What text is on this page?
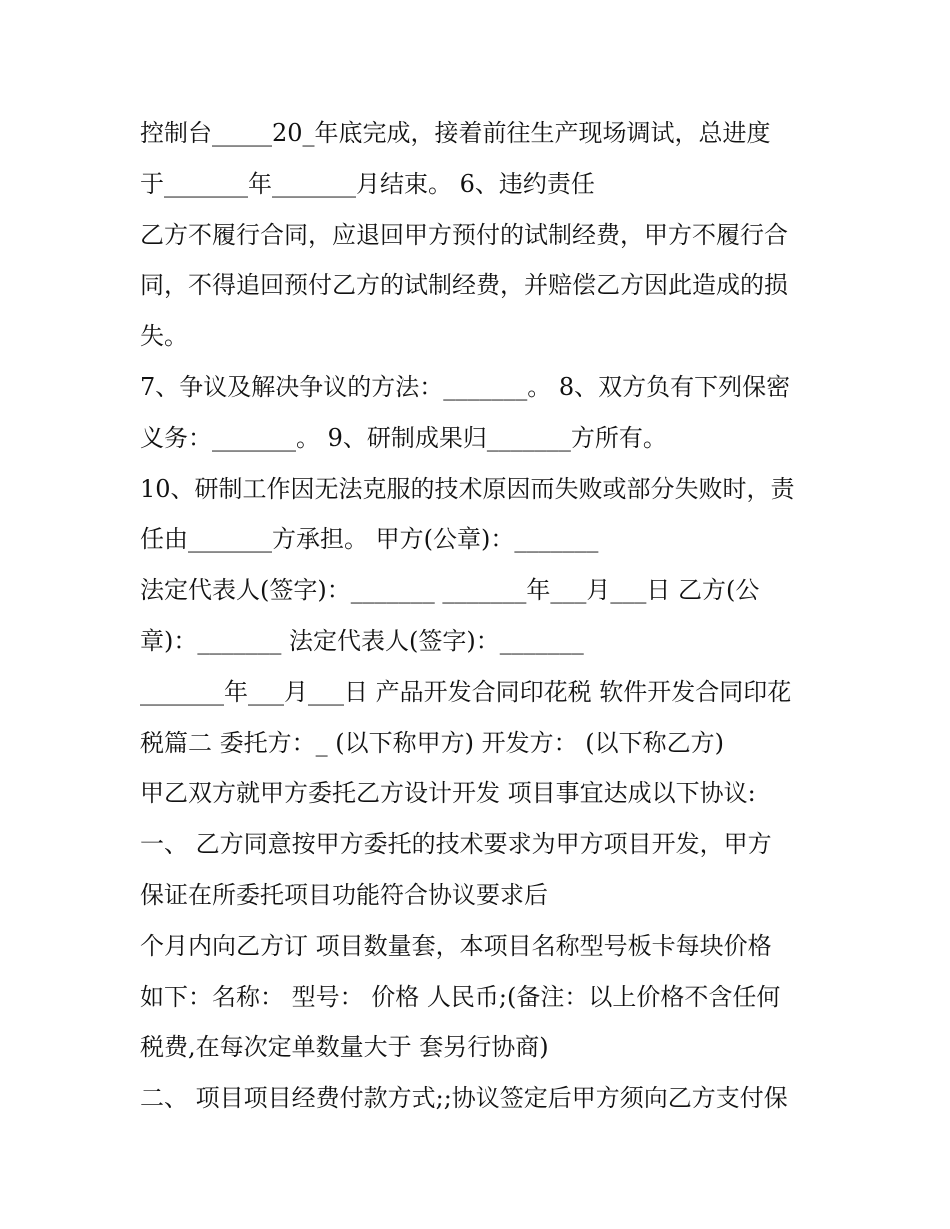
控制台_____20_年底完成，接着前往生产现场调试，总进度
于_______年_______月结束。 6、违约责任
乙方不履行合同，应退回甲方预付的试制经费，甲方不履行合
同，不得追回预付乙方的试制经费，并赔偿乙方因此造成的损
失。
7、争议及解决争议的方法：_______。 8、双方负有下列保密
义务：_______。 9、研制成果归_______方所有。
10、研制工作因无法克服的技术原因而失败或部分失败时，责
任由_______方承担。 甲方(公章)：_______
法定代表人(签字)：_______ _______年___月___日 乙方(公
章)：_______ 法定代表人(签字)：_______
_______年___月___日 产品开发合同印花税 软件开发合同印花
税篇二 委托方：_ (以下称甲方) 开发方： (以下称乙方)
甲乙双方就甲方委托乙方设计开发 项目事宜达成以下协议:
一、 乙方同意按甲方委托的技术要求为甲方项目开发，甲方
保证在所委托项目功能符合协议要求后
个月内向乙方订 项目数量套，本项目名称型号板卡每块价格
如下：名称： 型号： 价格 人民币;(备注：以上价格不含任何
税费,在每次定单数量大于 套另行协商)
二、 项目项目经费付款方式;;协议签定后甲方须向乙方支付保
